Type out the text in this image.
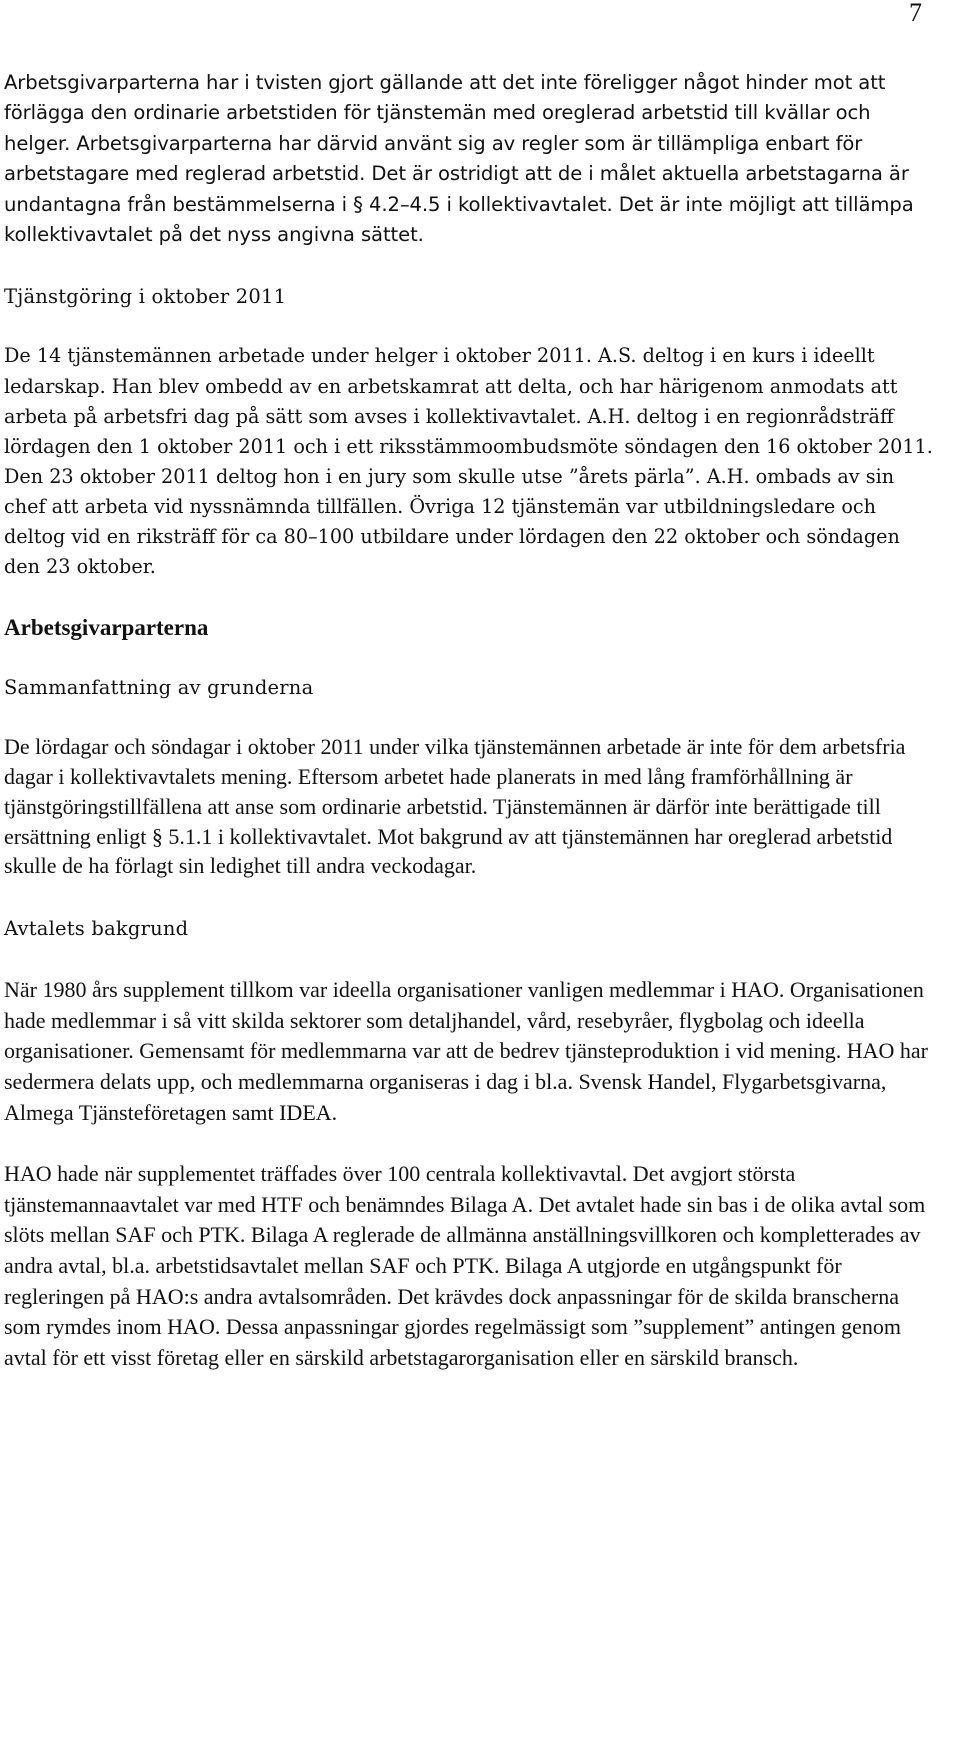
7

Arbetsgivarparterna har i tvisten gjort gällande att det inte föreligger något hinder mot att förlägga den ordinarie arbetstiden för tjänstemän med oreglerad arbetstid till kvällar och helger. Arbetsgivarparterna har därvid använt sig av regler som är tillämpliga enbart för arbetstagare med reglerad arbetstid. Det är ostridigt att de i målet aktuella arbetstagarna är undantagna från bestämmelserna i § 4.2–4.5 i kollektivavtalet. Det är inte möjligt att tillämpa kollektivavtalet på det nyss angivna sättet.

Tjänstgöring i oktober 2011

De 14 tjänstemännen arbetade under helger i oktober 2011. A.S. deltog i en kurs i ideellt ledarskap. Han blev ombedd av en arbetskamrat att delta, och har härigenom anmodats att arbeta på arbetsfri dag på sätt som avses i kollektivavtalet. A.H. deltog i en regionrådsträff lördagen den 1 oktober 2011 och i ett riksstämmoombudsmöte söndagen den 16 oktober 2011. Den 23 oktober 2011 deltog hon i en jury som skulle utse ”årets pärla”. A.H. ombads av sin chef att arbeta vid nyssnämnda tillfällen. Övriga 12 tjänstemän var utbildningsledare och deltog vid en riksträff för ca 80–100 utbildare under lördagen den 22 oktober och söndagen den 23 oktober.

Arbetsgivarparterna

Sammanfattning av grunderna

De lördagar och söndagar i oktober 2011 under vilka tjänstemännen arbetade är inte för dem arbetsfria dagar i kollektivavtalets mening. Eftersom arbetet hade planerats in med lång framförhållning är tjänstgöringstillfällena att anse som ordinarie arbetstid. Tjänstemännen är därför inte berättigade till ersättning enligt § 5.1.1 i kollektivavtalet. Mot bakgrund av att tjänstemännen har oreglerad arbetstid skulle de ha förlagt sin ledighet till andra veckodagar.

Avtalets bakgrund

När 1980 års supplement tillkom var ideella organisationer vanligen medlemmar i HAO. Organisationen hade medlemmar i så vitt skilda sektorer som detaljhandel, vård, resebyråer, flygbolag och ideella organisationer. Gemensamt för medlemmarna var att de bedrev tjänsteproduktion i vid mening. HAO har sedermera delats upp, och medlemmarna organiseras i dag i bl.a. Svensk Handel, Flygarbetsgivarna, Almega Tjänsteföretagen samt IDEA.

HAO hade när supplementet träffades över 100 centrala kollektivavtal. Det avgjort största tjänstemannaavtalet var med HTF och benämndes Bilaga A. Det avtalet hade sin bas i de olika avtal som slöts mellan SAF och PTK. Bilaga A reglerade de allmänna anställningsvillkoren och kompletterades av andra avtal, bl.a. arbetstidsavtalet mellan SAF och PTK. Bilaga A utgjorde en utgångspunkt för regleringen på HAO:s andra avtalsområden. Det krävdes dock anpassningar för de skilda branscherna som rymdes inom HAO. Dessa anpassningar gjordes regelmässigt som ”supplement” antingen genom avtal för ett visst företag eller en särskild arbetstagarorganisation eller en särskild bransch.
